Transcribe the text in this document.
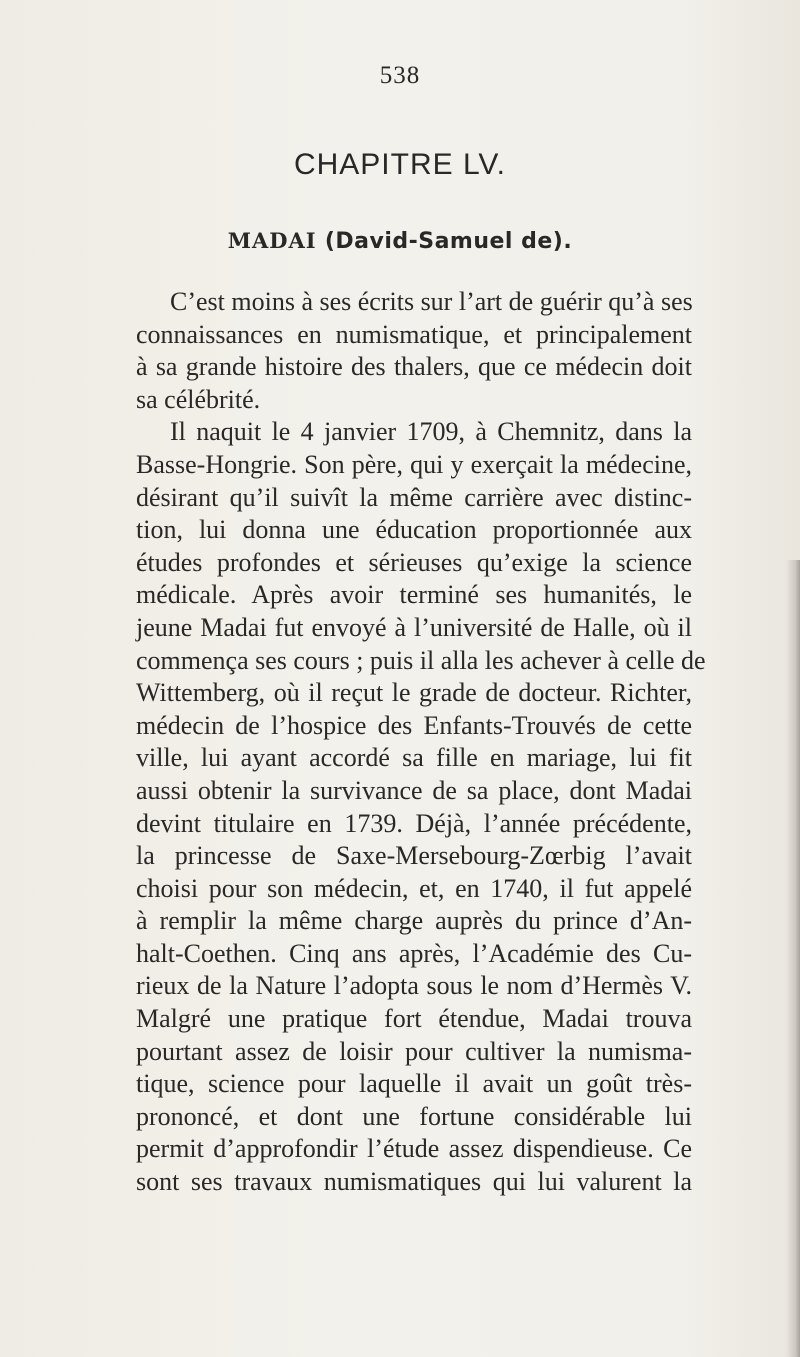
538
CHAPITRE LV.
MADAI (David-Samuel de).
C’est moins à ses écrits sur l’art de guérir qu’à ses
connaissances en numismatique, et principalement
à sa grande histoire des thalers, que ce médecin doit
sa célébrité.
Il naquit le 4 janvier 1709, à Chemnitz, dans la
Basse-Hongrie. Son père, qui y exerçait la médecine,
désirant qu’il suivît la même carrière avec distinc-
tion, lui donna une éducation proportionnée aux
études profondes et sérieuses qu’exige la science
médicale. Après avoir terminé ses humanités, le
jeune Madai fut envoyé à l’université de Halle, où il
commença ses cours ; puis il alla les achever à celle de
Wittemberg, où il reçut le grade de docteur. Richter,
médecin de l’hospice des Enfants-Trouvés de cette
ville, lui ayant accordé sa fille en mariage, lui fit
aussi obtenir la survivance de sa place, dont Madai
devint titulaire en 1739. Déjà, l’année précédente,
la princesse de Saxe-Mersebourg-Zœrbig l’avait
choisi pour son médecin, et, en 1740, il fut appelé
à remplir la même charge auprès du prince d’An-
halt-Coethen. Cinq ans après, l’Académie des Cu-
rieux de la Nature l’adopta sous le nom d’Hermès V.
Malgré une pratique fort étendue, Madai trouva
pourtant assez de loisir pour cultiver la numisma-
tique, science pour laquelle il avait un goût très-
prononcé, et dont une fortune considérable lui
permit d’approfondir l’étude assez dispendieuse. Ce
sont ses travaux numismatiques qui lui valurent la
